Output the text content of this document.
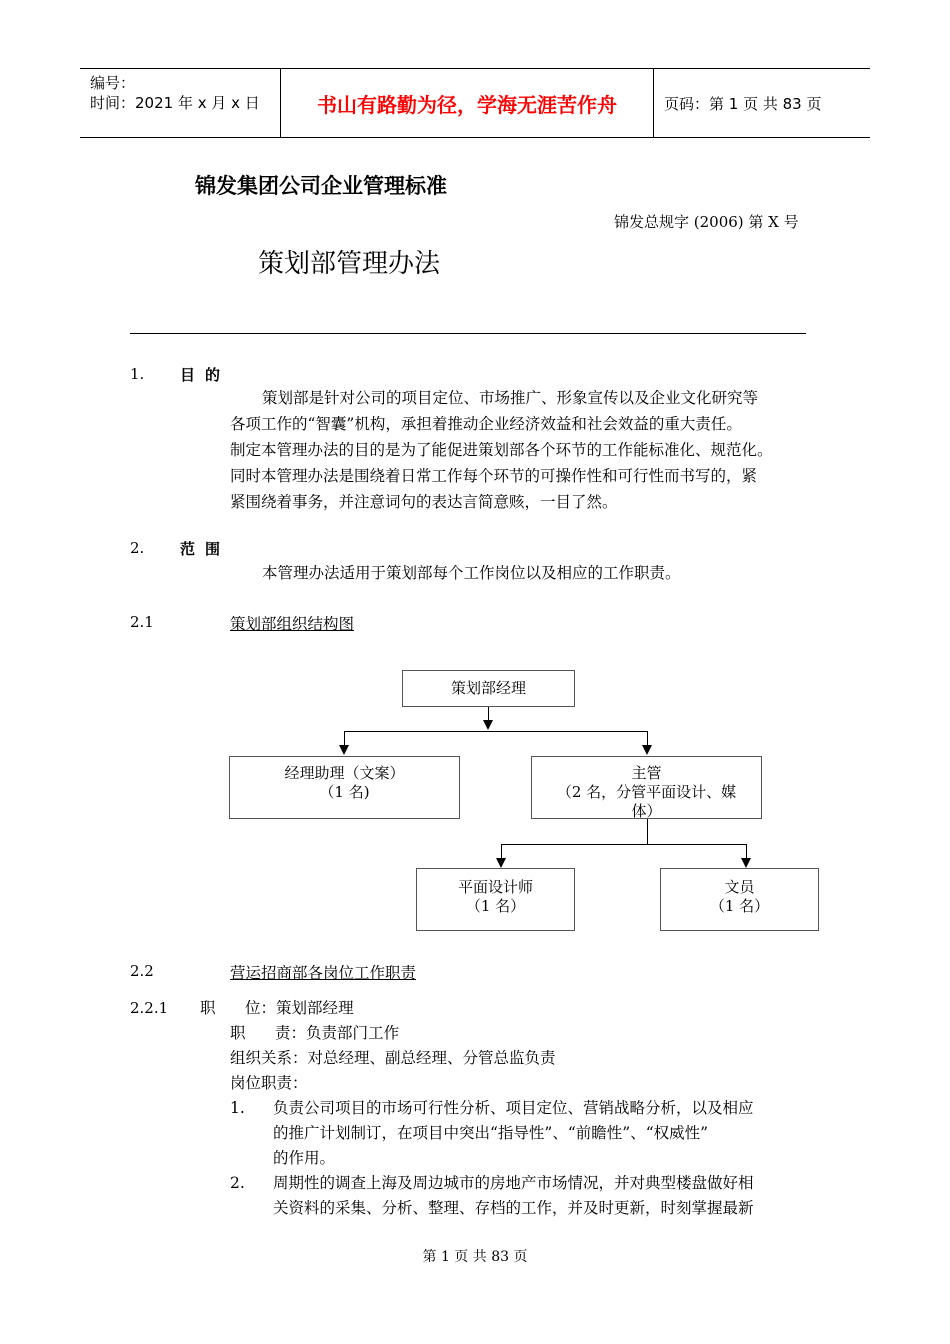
编号：
时间：2021 年 x 月 x 日	书山有路勤为径，学海无涯苦作舟	页码：第 1 页 共 83 页
锦发集团公司企业管理标准
锦发总规字 (2006) 第 X 号
策划部管理办法
1. 目的
策划部是针对公司的项目定位、市场推广、形象宣传以及企业文化研究等
各项工作的“智囊”机构，承担着推动企业经济效益和社会效益的重大责任。
制定本管理办法的目的是为了能促进策划部各个环节的工作能标准化、规范化。
同时本管理办法是围绕着日常工作每个环节的可操作性和可行性而书写的，紧
紧围绕着事务，并注意词句的表达言简意赅，一目了然。
2. 范围
本管理办法适用于策划部每个工作岗位以及相应的工作职责。
2.1	策划部组织结构图
策划部经理
经理助理（文案）
（1 名)
主管
（2 名，分管平面设计、媒
体）
平面设计师
（1 名）
文员
（1 名）
2.2	营运招商部各岗位工作职责
2.2.1 职      位：策划部经理
职      责：负责部门工作
组织关系：对总经理、副总经理、分管总监负责
岗位职责：
1. 负责公司项目的市场可行性分析、项目定位、营销战略分析，以及相应
的推广计划制订，在项目中突出“指导性”、“前瞻性”、“权威性”
的作用。
2. 周期性的调查上海及周边城市的房地产市场情况，并对典型楼盘做好相
关资料的采集、分析、整理、存档的工作，并及时更新，时刻掌握最新
第 1 页 共 83 页
